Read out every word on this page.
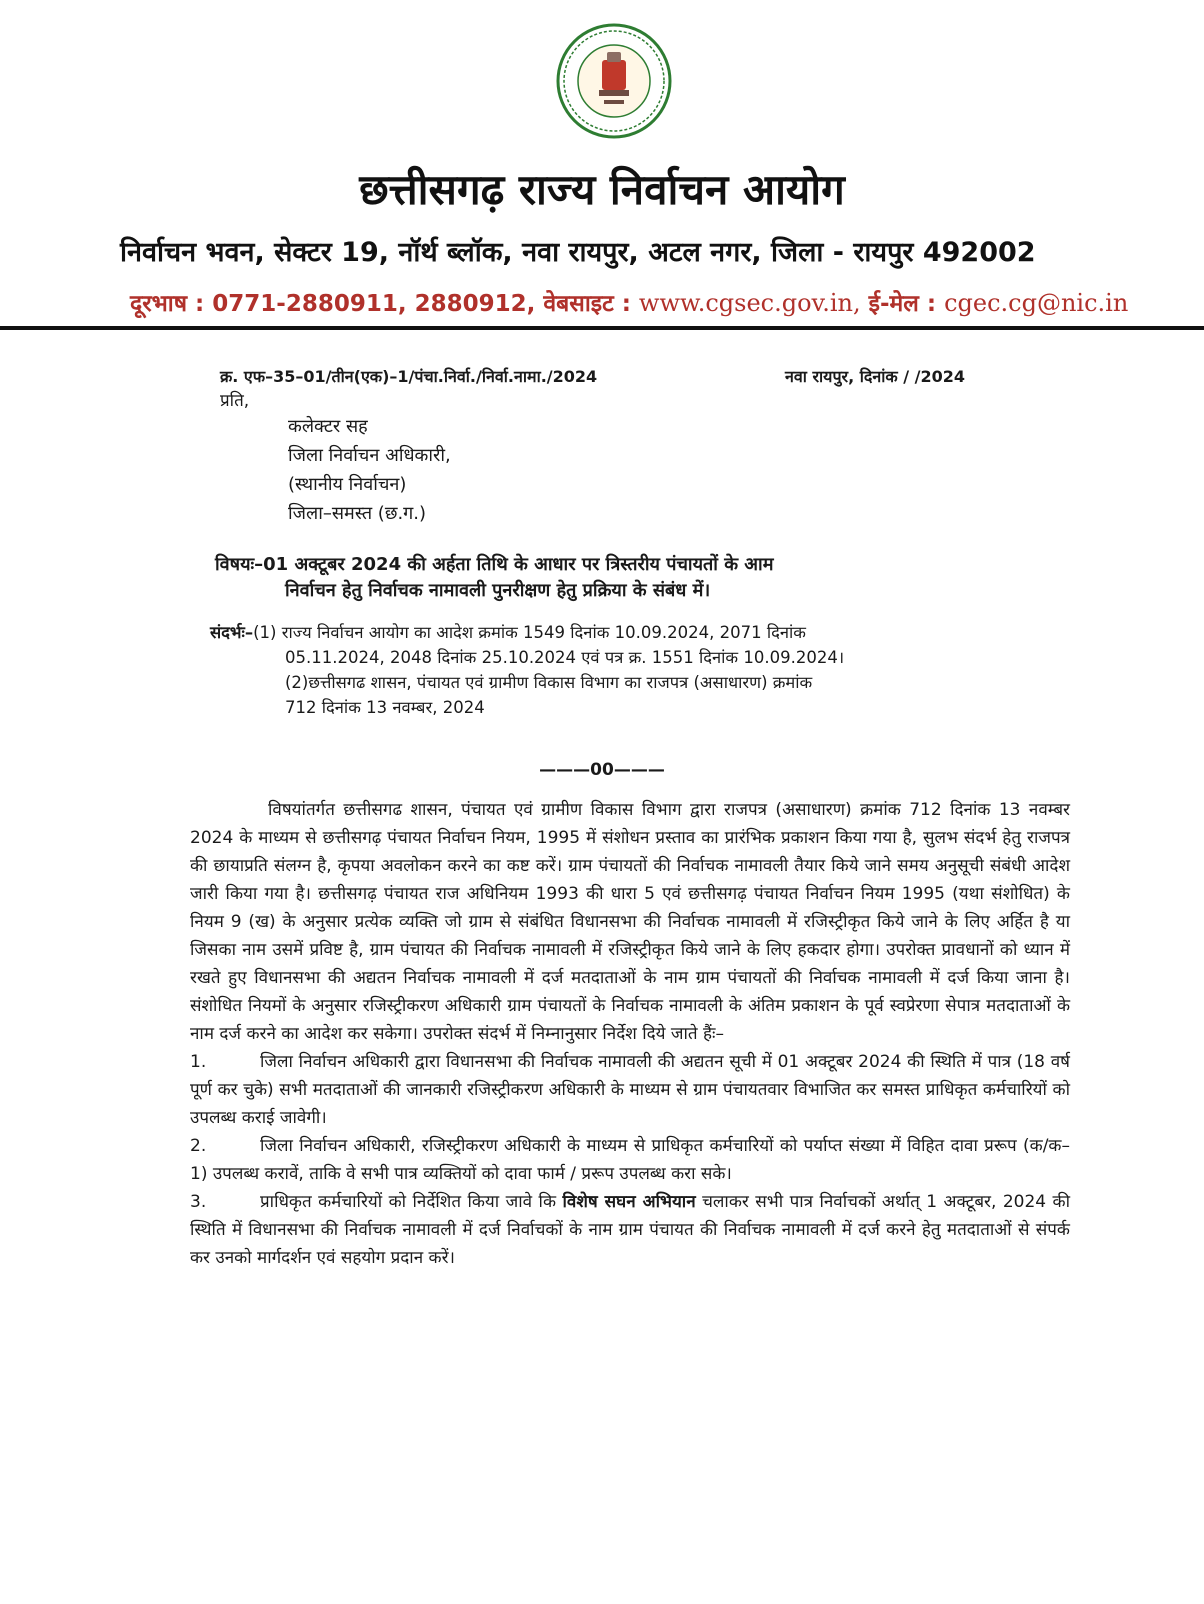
छत्तीसगढ़ राज्य निर्वाचन आयोग
निर्वाचन भवन, सेक्टर 19, नॉर्थ ब्लॉक, नवा रायपुर, अटल नगर, जिला - रायपुर 492002
दूरभाष : 0771-2880911, 2880912, वेबसाइट : www.cgsec.gov.in, ई-मेल : cgec.cg@nic.in
क्र. एफ–35–01/तीन(एक)–1/पंचा.निर्वा./निर्वा.नामा./2024	नवा रायपुर, दिनांक / /2024
प्रति,
कलेक्टर सह
जिला निर्वाचन अधिकारी,
(स्थानीय निर्वाचन)
जिला–समस्त (छ.ग.)
विषयः–01 अक्टूबर 2024 की अर्हता तिथि के आधार पर त्रिस्तरीय पंचायतों के आम
निर्वाचन हेतु निर्वाचक नामावली पुनरीक्षण हेतु प्रक्रिया के संबंध में।
संदर्भः–(1) राज्य निर्वाचन आयोग का आदेश क्रमांक 1549 दिनांक 10.09.2024, 2071 दिनांक
05.11.2024, 2048 दिनांक 25.10.2024 एवं पत्र क्र. 1551 दिनांक 10.09.2024।
(2)छत्तीसगढ शासन, पंचायत एवं ग्रामीण विकास विभाग का राजपत्र (असाधारण) क्रमांक
712 दिनांक 13 नवम्बर, 2024
———00———

विषयांतर्गत छत्तीसगढ शासन, पंचायत एवं ग्रामीण विकास विभाग द्वारा राजपत्र (असाधारण) क्रमांक 712 दिनांक 13 नवम्बर 2024 के माध्यम से छत्तीसगढ़ पंचायत निर्वाचन नियम, 1995 में संशोधन प्रस्ताव का प्रारंभिक प्रकाशन किया गया है, सुलभ संदर्भ हेतु राजपत्र की छायाप्रति संलग्न है, कृपया अवलोकन करने का कष्ट करें। ग्राम पंचायतों की निर्वाचक नामावली तैयार किये जाने समय अनुसूची संबंधी आदेश जारी किया गया है। छत्तीसगढ़ पंचायत राज अधिनियम 1993 की धारा 5 एवं छत्तीसगढ़ पंचायत निर्वाचन नियम 1995 (यथा संशोधित) के नियम 9 (ख) के अनुसार प्रत्येक व्यक्ति जो ग्राम से संबंधित विधानसभा की निर्वाचक नामावली में रजिस्ट्रीकृत किये जाने के लिए अर्हित है या जिसका नाम उसमें प्रविष्ट है, ग्राम पंचायत की निर्वाचक नामावली में रजिस्ट्रीकृत किये जाने के लिए हकदार होगा। उपरोक्त प्रावधानों को ध्यान में रखते हुए विधानसभा की अद्यतन निर्वाचक नामावली में दर्ज मतदाताओं के नाम ग्राम पंचायतों की निर्वाचक नामावली में दर्ज किया जाना है। संशोधित नियमों के अनुसार रजिस्ट्रीकरण अधिकारी ग्राम पंचायतों के निर्वाचक नामावली के अंतिम प्रकाशन के पूर्व स्वप्रेरणा सेपात्र मतदाताओं के नाम दर्ज करने का आदेश कर सकेगा। उपरोक्त संदर्भ में निम्नानुसार निर्देश दिये जाते हैंः–

1.	जिला निर्वाचन अधिकारी द्वारा विधानसभा की निर्वाचक नामावली की अद्यतन सूची में 01 अक्टूबर 2024 की स्थिति में पात्र (18 वर्ष पूर्ण कर चुके) सभी मतदाताओं की जानकारी रजिस्ट्रीकरण अधिकारी के माध्यम से ग्राम पंचायतवार विभाजित कर समस्त प्राधिकृत कर्मचारियों को उपलब्ध कराई जावेगी।

2.	जिला निर्वाचन अधिकारी, रजिस्ट्रीकरण अधिकारी के माध्यम से प्राधिकृत कर्मचारियों को पर्याप्त संख्या में विहित दावा प्ररूप (क/क–1) उपलब्ध करावें, ताकि वे सभी पात्र व्यक्तियों को दावा फार्म / प्ररूप उपलब्ध करा सके।

3.	प्राधिकृत कर्मचारियों को निर्देशित किया जावे कि विशेष सघन अभियान चलाकर सभी पात्र निर्वाचकों अर्थात् 1 अक्टूबर, 2024 की स्थिति में विधानसभा की निर्वाचक नामावली में दर्ज निर्वाचकों के नाम ग्राम पंचायत की निर्वाचक नामावली में दर्ज करने हेतु मतदाताओं से संपर्क कर उनको मार्गदर्शन एवं सहयोग प्रदान करें।
